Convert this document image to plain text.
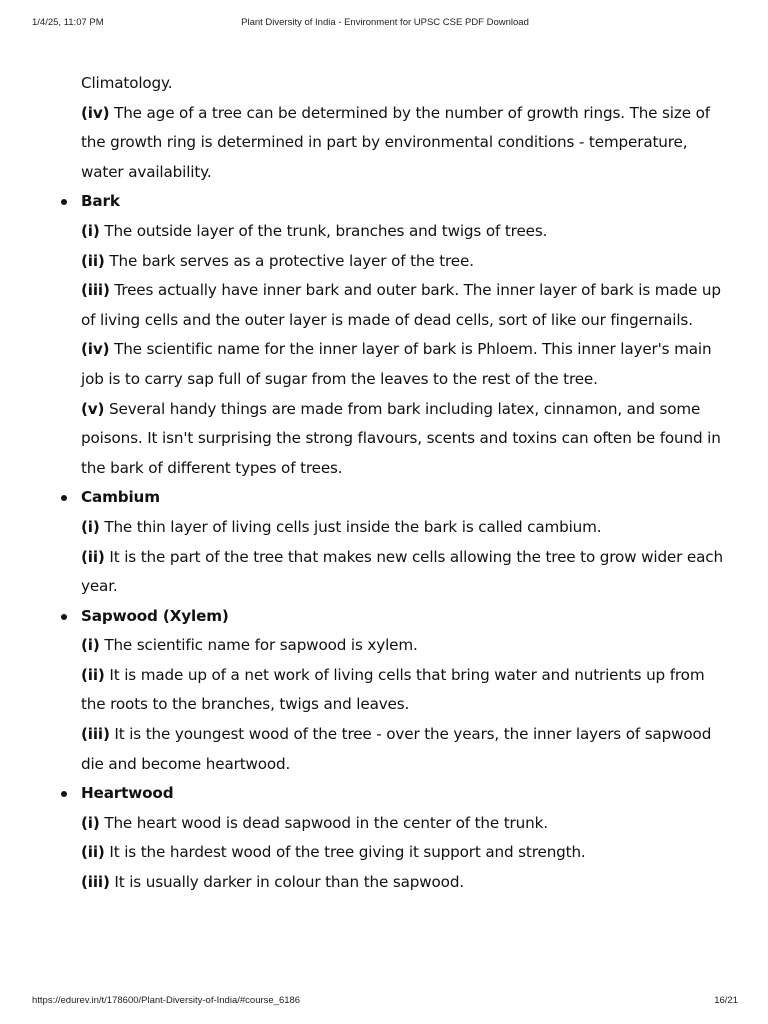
1/4/25, 11:07 PM	Plant Diversity of India - Environment for UPSC CSE PDF Download

Climatology.

(iv) The age of a tree can be determined by the number of growth rings. The size of the growth ring is determined in part by environmental conditions - temperature, water availability.

Bark

(i) The outside layer of the trunk, branches and twigs of trees.

(ii) The bark serves as a protective layer of the tree.

(iii) Trees actually have inner bark and outer bark. The inner layer of bark is made up of living cells and the outer layer is made of dead cells, sort of like our fingernails.

(iv) The scientific name for the inner layer of bark is Phloem. This inner layer's main job is to carry sap full of sugar from the leaves to the rest of the tree.

(v) Several handy things are made from bark including latex, cinnamon, and some poisons. It isn't surprising the strong flavours, scents and toxins can often be found in the bark of different types of trees.

Cambium

(i) The thin layer of living cells just inside the bark is called cambium.

(ii) It is the part of the tree that makes new cells allowing the tree to grow wider each year.

Sapwood (Xylem)

(i) The scientific name for sapwood is xylem.

(ii) It is made up of a net work of living cells that bring water and nutrients up from the roots to the branches, twigs and leaves.

(iii) It is the youngest wood of the tree - over the years, the inner layers of sapwood die and become heartwood.

Heartwood

(i) The heart wood is dead sapwood in the center of the trunk.

(ii) It is the hardest wood of the tree giving it support and strength.

(iii) It is usually darker in colour than the sapwood.

https://edurev.in/t/178600/Plant-Diversity-of-India/#course_6186	16/21
